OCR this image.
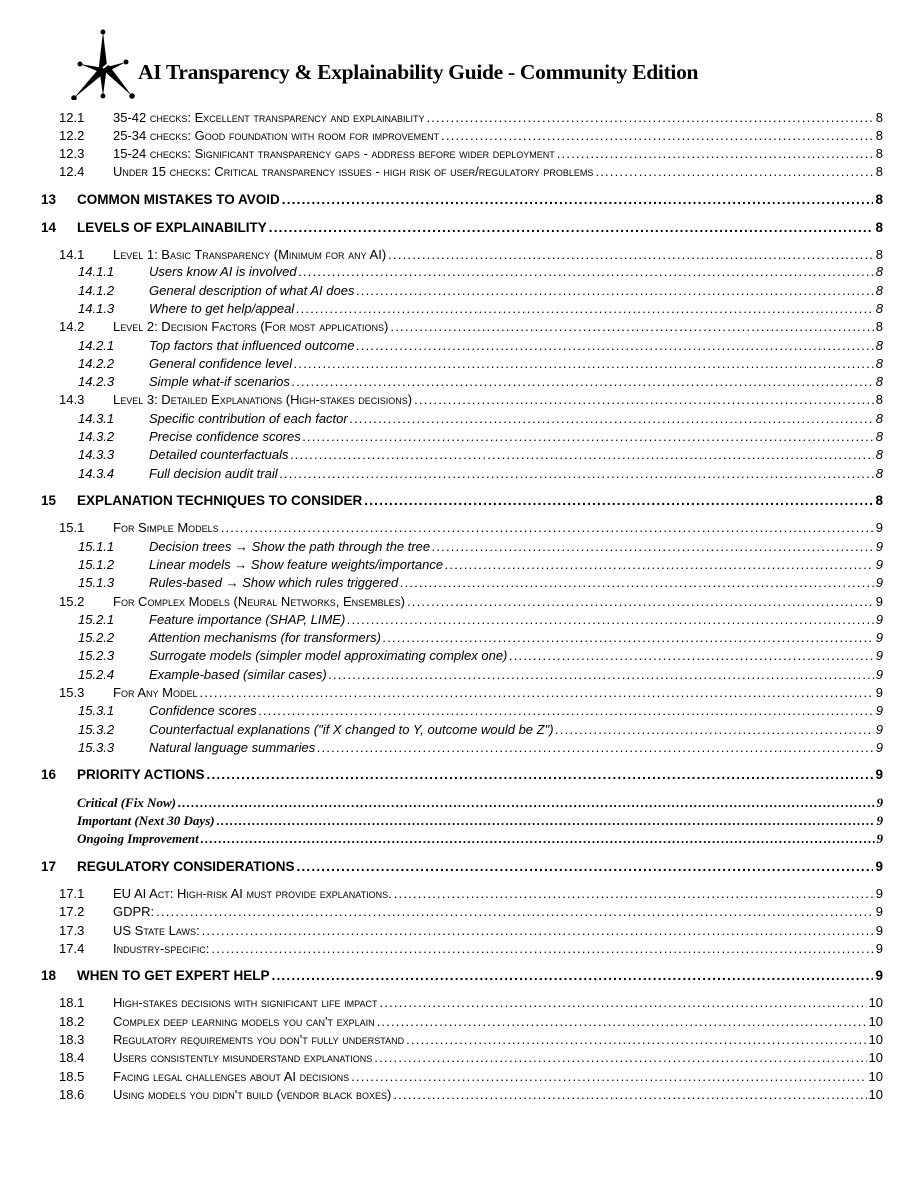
AI Transparency & Explainability Guide - Community Edition
12.1	35-42 checks: Excellent transparency and explainability .....	8
12.2	25-34 checks: Good foundation with room for improvement .....	8
12.3	15-24 checks: Significant transparency gaps - address before wider deployment .....	8
12.4	Under 15 checks: Critical transparency issues - high risk of user/regulatory problems .....	8
13	COMMON MISTAKES TO AVOID .....	8
14	LEVELS OF EXPLAINABILITY .....	8
14.1	Level 1: Basic Transparency (Minimum for any AI) .....	8
14.1.1	Users know AI is involved .....	8
14.1.2	General description of what AI does .....	8
14.1.3	Where to get help/appeal .....	8
14.2	Level 2: Decision Factors (For most applications) .....	8
14.2.1	Top factors that influenced outcome .....	8
14.2.2	General confidence level .....	8
14.2.3	Simple what-if scenarios .....	8
14.3	Level 3: Detailed Explanations (High-stakes decisions) .....	8
14.3.1	Specific contribution of each factor .....	8
14.3.2	Precise confidence scores .....	8
14.3.3	Detailed counterfactuals .....	8
14.3.4	Full decision audit trail .....	8
15	EXPLANATION TECHNIQUES TO CONSIDER .....	8
15.1	For Simple Models .....	9
15.1.1	Decision trees → Show the path through the tree .....	9
15.1.2	Linear models → Show feature weights/importance .....	9
15.1.3	Rules-based → Show which rules triggered .....	9
15.2	For Complex Models (Neural Networks, Ensembles) .....	9
15.2.1	Feature importance (SHAP, LIME) .....	9
15.2.2	Attention mechanisms (for transformers) .....	9
15.2.3	Surrogate models (simpler model approximating complex one) .....	9
15.2.4	Example-based (similar cases) .....	9
15.3	For Any Model .....	9
15.3.1	Confidence scores .....	9
15.3.2	Counterfactual explanations ("if X changed to Y, outcome would be Z") .....	9
15.3.3	Natural language summaries .....	9
16	PRIORITY ACTIONS .....	9
Critical (Fix Now) .....	9
Important (Next 30 Days) .....	9
Ongoing Improvement .....	9
17	REGULATORY CONSIDERATIONS .....	9
17.1	EU AI Act: High-risk AI must provide explanations. .....	9
17.2	GDPR: .....	9
17.3	US State Laws: .....	9
17.4	Industry-specific: .....	9
18	WHEN TO GET EXPERT HELP .....	9
18.1	High-stakes decisions with significant life impact .....	10
18.2	Complex deep learning models you can't explain .....	10
18.3	Regulatory requirements you don't fully understand .....	10
18.4	Users consistently misunderstand explanations .....	10
18.5	Facing legal challenges about AI decisions .....	10
18.6	Using models you didn't build (vendor black boxes) .....	10
